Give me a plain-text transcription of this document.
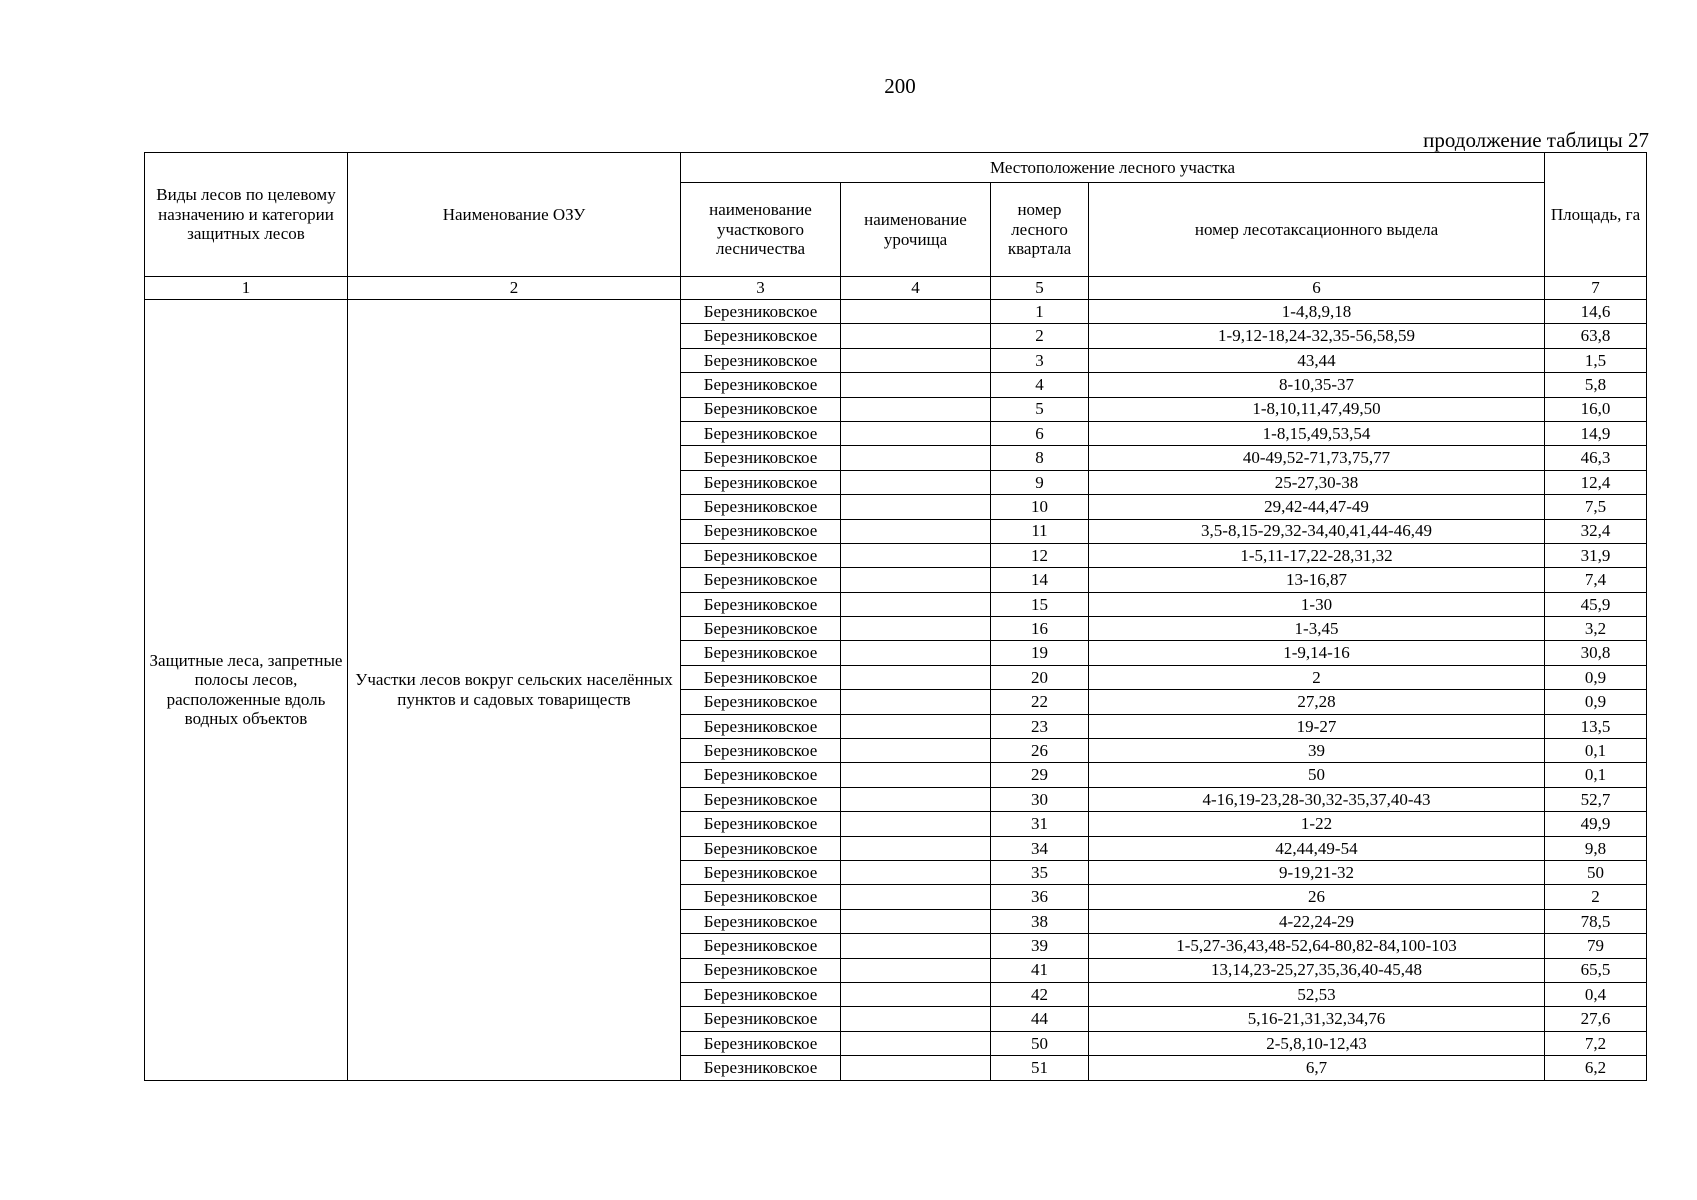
200
продолжение таблицы 27
Виды лесов по целевому назначению и категории защитных лесов	Наименование ОЗУ	Местоположение лесного участка				Площадь, га
		наименование участкового лесничества	наименование урочища	номер лесного квартала	номер лесотаксационного выдела	
1	2	3	4	5	6	7
Защитные леса, запретные полосы лесов, расположенные вдоль водных объектов	Участки лесов вокруг сельских населённых пунктов и садовых товариществ	Березниковское		1	1-4,8,9,18	14,6
		Березниковское		2	1-9,12-18,24-32,35-56,58,59	63,8
		Березниковское		3	43,44	1,5
		Березниковское		4	8-10,35-37	5,8
		Березниковское		5	1-8,10,11,47,49,50	16,0
		Березниковское		6	1-8,15,49,53,54	14,9
		Березниковское		8	40-49,52-71,73,75,77	46,3
		Березниковское		9	25-27,30-38	12,4
		Березниковское		10	29,42-44,47-49	7,5
		Березниковское		11	3,5-8,15-29,32-34,40,41,44-46,49	32,4
		Березниковское		12	1-5,11-17,22-28,31,32	31,9
		Березниковское		14	13-16,87	7,4
		Березниковское		15	1-30	45,9
		Березниковское		16	1-3,45	3,2
		Березниковское		19	1-9,14-16	30,8
		Березниковское		20	2	0,9
		Березниковское		22	27,28	0,9
		Березниковское		23	19-27	13,5
		Березниковское		26	39	0,1
		Березниковское		29	50	0,1
		Березниковское		30	4-16,19-23,28-30,32-35,37,40-43	52,7
		Березниковское		31	1-22	49,9
		Березниковское		34	42,44,49-54	9,8
		Березниковское		35	9-19,21-32	50
		Березниковское		36	26	2
		Березниковское		38	4-22,24-29	78,5
		Березниковское		39	1-5,27-36,43,48-52,64-80,82-84,100-103	79
		Березниковское		41	13,14,23-25,27,35,36,40-45,48	65,5
		Березниковское		42	52,53	0,4
		Березниковское		44	5,16-21,31,32,34,76	27,6
		Березниковское		50	2-5,8,10-12,43	7,2
		Березниковское		51	6,7	6,2
